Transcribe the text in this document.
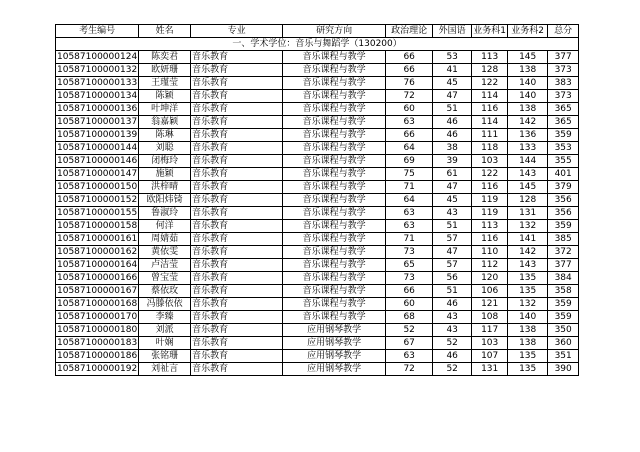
考生编号	姓名	专业	研究方向	政治理论	外国语	业务科1	业务科2	总分
一、学术学位：音乐与舞蹈学（130200）								
10587100000124	陈奕君	音乐教育	音乐课程与教学	66	53	113	145	377
10587100000132	欧妍珊	音乐教育	音乐课程与教学	66	41	128	138	373
10587100000133	王瑾莹	音乐教育	音乐课程与教学	76	45	122	140	383
10587100000134	陈颖	音乐教育	音乐课程与教学	72	47	114	140	373
10587100000136	叶坤洋	音乐教育	音乐课程与教学	60	51	116	138	365
10587100000137	翁嘉颖	音乐教育	音乐课程与教学	63	46	114	142	365
10587100000139	陈琳	音乐教育	音乐课程与教学	66	46	111	136	359
10587100000144	刘聪	音乐教育	音乐课程与教学	64	38	118	133	353
10587100000146	闭梅玲	音乐教育	音乐课程与教学	69	39	103	144	355
10587100000147	施颖	音乐教育	音乐课程与教学	75	61	122	143	401
10587100000150	洪梓晴	音乐教育	音乐课程与教学	71	47	116	145	379
10587100000152	欧阳炜锜	音乐教育	音乐课程与教学	64	45	119	128	356
10587100000155	鲁淑玲	音乐教育	音乐课程与教学	63	43	119	131	356
10587100000158	何洋	音乐教育	音乐课程与教学	63	51	113	132	359
10587100000161	周婧茹	音乐教育	音乐课程与教学	71	57	116	141	385
10587100000162	黄依雯	音乐教育	音乐课程与教学	73	47	110	142	372
10587100000164	卢洁莹	音乐教育	音乐课程与教学	65	57	112	143	377
10587100000166	曾宝莹	音乐教育	音乐课程与教学	73	56	120	135	384
10587100000167	蔡依玫	音乐教育	音乐课程与教学	66	51	106	135	358
10587100000168	冯滕依依	音乐教育	音乐课程与教学	60	46	121	132	359
10587100000170	李臻	音乐教育	音乐课程与教学	68	43	108	140	359
10587100000180	刘派	音乐教育	应用钢琴教学	52	43	117	138	350
10587100000183	叶娴	音乐教育	应用钢琴教学	67	52	103	138	360
10587100000186	张铭珊	音乐教育	应用钢琴教学	63	46	107	135	351
10587100000192	刘祉言	音乐教育	应用钢琴教学	72	52	131	135	390
